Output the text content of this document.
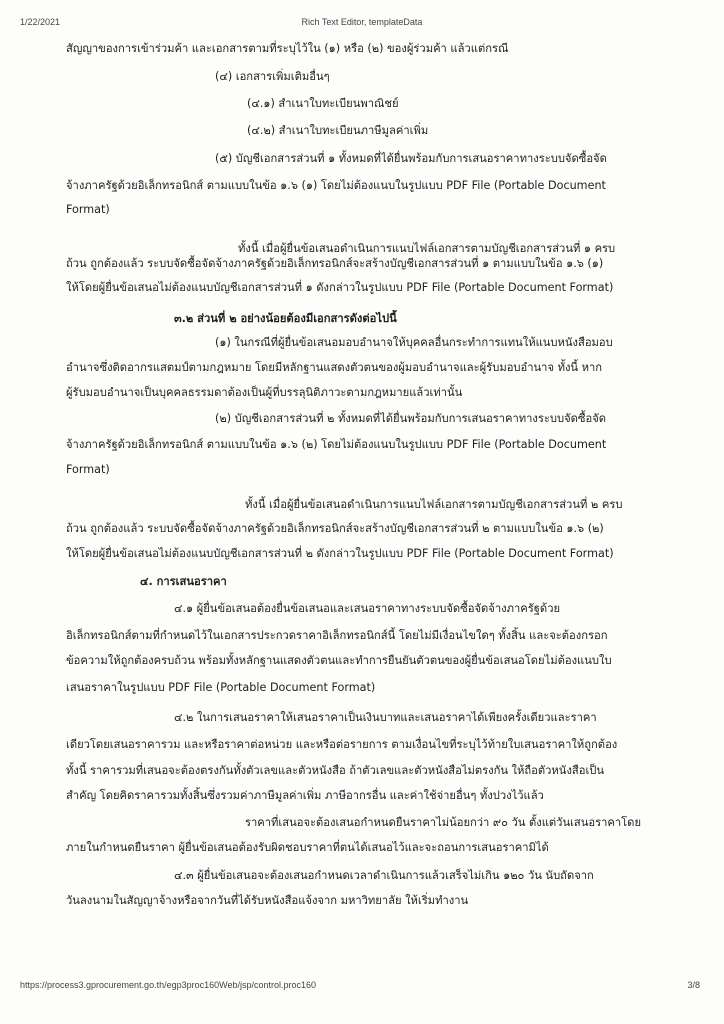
1/22/2021	Rich Text Editor, templateData
สัญญาของการเข้าร่วมค้า และเอกสารตามที่ระบุไว้ใน (๑) หรือ (๒) ของผู้ร่วมค้า แล้วแต่กรณี
(๔) เอกสารเพิ่มเติมอื่นๆ
(๔.๑) สำเนาใบทะเบียนพาณิชย์
(๔.๒) สำเนาใบทะเบียนภาษีมูลค่าเพิ่ม
(๕) บัญชีเอกสารส่วนที่ ๑ ทั้งหมดที่ได้ยื่นพร้อมกับการเสนอราคาทางระบบจัดซื้อจัด
จ้างภาครัฐด้วยอิเล็กทรอนิกส์ ตามแบบในข้อ ๑.๖ (๑) โดยไม่ต้องแนบในรูปแบบ PDF File (Portable Document
Format)
ทั้งนี้ เมื่อผู้ยื่นข้อเสนอดำเนินการแนบไฟล์เอกสารตามบัญชีเอกสารส่วนที่ ๑ ครบ
ถ้วน ถูกต้องแล้ว ระบบจัดซื้อจัดจ้างภาครัฐด้วยอิเล็กทรอนิกส์จะสร้างบัญชีเอกสารส่วนที่ ๑ ตามแบบในข้อ ๑.๖ (๑)
ให้โดยผู้ยื่นข้อเสนอไม่ต้องแนบบัญชีเอกสารส่วนที่ ๑ ดังกล่าวในรูปแบบ PDF File (Portable Document Format)
๓.๒ ส่วนที่ ๒ อย่างน้อยต้องมีเอกสารดังต่อไปนี้
(๑) ในกรณีที่ผู้ยื่นข้อเสนอมอบอำนาจให้บุคคลอื่นกระทำการแทนให้แนบหนังสือมอบ
อำนาจซึ่งติดอากรแสตมป์ตามกฎหมาย โดยมีหลักฐานแสดงตัวตนของผู้มอบอำนาจและผู้รับมอบอำนาจ ทั้งนี้ หาก
ผู้รับมอบอำนาจเป็นบุคคลธรรมดาต้องเป็นผู้ที่บรรลุนิติภาวะตามกฎหมายแล้วเท่านั้น
(๒) บัญชีเอกสารส่วนที่ ๒ ทั้งหมดที่ได้ยื่นพร้อมกับการเสนอราคาทางระบบจัดซื้อจัด
จ้างภาครัฐด้วยอิเล็กทรอนิกส์ ตามแบบในข้อ ๑.๖ (๒) โดยไม่ต้องแนบในรูปแบบ PDF File (Portable Document
Format)
ทั้งนี้ เมื่อผู้ยื่นข้อเสนอดำเนินการแนบไฟล์เอกสารตามบัญชีเอกสารส่วนที่ ๒ ครบ
ถ้วน ถูกต้องแล้ว ระบบจัดซื้อจัดจ้างภาครัฐด้วยอิเล็กทรอนิกส์จะสร้างบัญชีเอกสารส่วนที่ ๒ ตามแบบในข้อ ๑.๖ (๒)
ให้โดยผู้ยื่นข้อเสนอไม่ต้องแนบบัญชีเอกสารส่วนที่ ๒ ดังกล่าวในรูปแบบ PDF File (Portable Document Format)
๔. การเสนอราคา
๔.๑ ผู้ยื่นข้อเสนอต้องยื่นข้อเสนอและเสนอราคาทางระบบจัดซื้อจัดจ้างภาครัฐด้วย
อิเล็กทรอนิกส์ตามที่กำหนดไว้ในเอกสารประกวดราคาอิเล็กทรอนิกส์นี้ โดยไม่มีเงื่อนไขใดๆ ทั้งสิ้น และจะต้องกรอก
ข้อความให้ถูกต้องครบถ้วน พร้อมทั้งหลักฐานแสดงตัวตนและทำการยืนยันตัวตนของผู้ยื่นข้อเสนอโดยไม่ต้องแนบใบ
เสนอราคาในรูปแบบ PDF File (Portable Document Format)
๔.๒ ในการเสนอราคาให้เสนอราคาเป็นเงินบาทและเสนอราคาได้เพียงครั้งเดียวและราคา
เดียวโดยเสนอราคารวม และหรือราคาต่อหน่วย และหรือต่อรายการ ตามเงื่อนไขที่ระบุไว้ท้ายใบเสนอราคาให้ถูกต้อง
ทั้งนี้ ราคารวมที่เสนอจะต้องตรงกันทั้งตัวเลขและตัวหนังสือ ถ้าตัวเลขและตัวหนังสือไม่ตรงกัน ให้ถือตัวหนังสือเป็น
สำคัญ โดยคิดราคารวมทั้งสิ้นซึ่งรวมค่าภาษีมูลค่าเพิ่ม ภาษีอากรอื่น และค่าใช้จ่ายอื่นๆ ทั้งปวงไว้แล้ว
ราคาที่เสนอจะต้องเสนอกำหนดยืนราคาไม่น้อยกว่า ๙๐ วัน ตั้งแต่วันเสนอราคาโดย
ภายในกำหนดยืนราคา ผู้ยื่นข้อเสนอต้องรับผิดชอบราคาที่ตนได้เสนอไว้และจะถอนการเสนอราคามิได้
๔.๓ ผู้ยื่นข้อเสนอจะต้องเสนอกำหนดเวลาดำเนินการแล้วเสร็จไม่เกิน ๑๒๐ วัน นับถัดจาก
วันลงนามในสัญญาจ้างหรือจากวันที่ได้รับหนังสือแจ้งจาก มหาวิทยาลัย ให้เริ่มทำงาน
https://process3.gprocurement.go.th/egp3proc160Web/jsp/control.proc160	3/8
